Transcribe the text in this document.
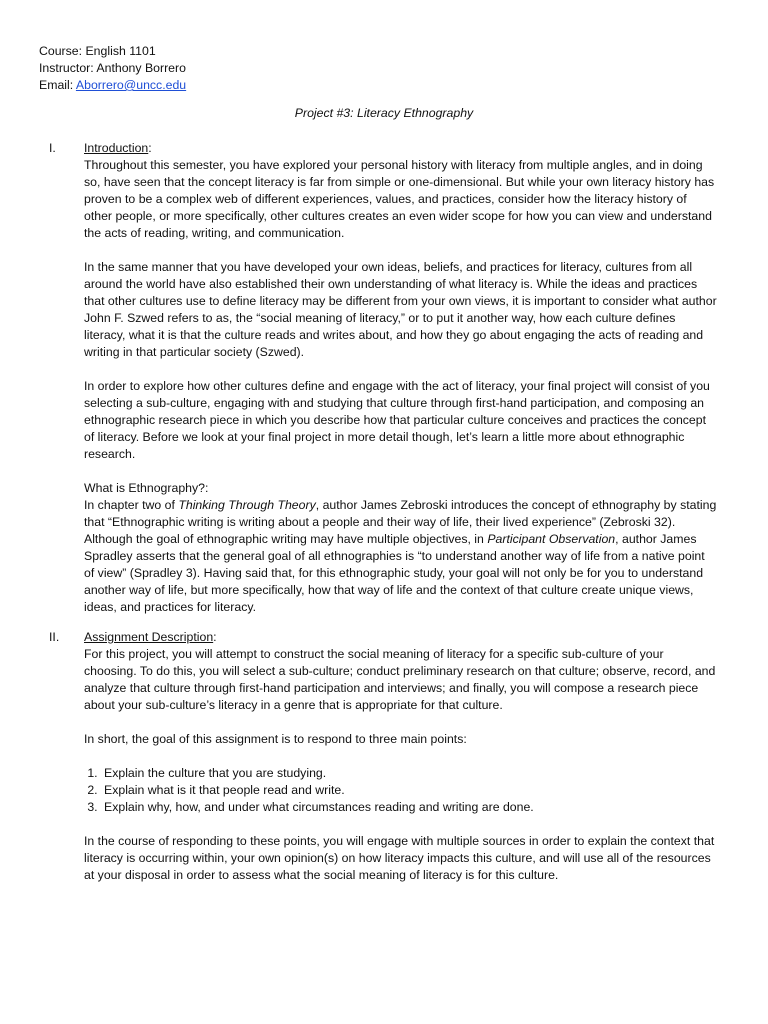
Course: English 1101
Instructor: Anthony Borrero
Email: Aborrero@uncc.edu
Project #3: Literacy Ethnography
I. Introduction:

Throughout this semester, you have explored your personal history with literacy from multiple angles, and in doing so, have seen that the concept literacy is far from simple or one-dimensional. But while your own literacy history has proven to be a complex web of different experiences, values, and practices, consider how the literacy history of other people, or more specifically, other cultures creates an even wider scope for how you can view and understand the acts of reading, writing, and communication.

In the same manner that you have developed your own ideas, beliefs, and practices for literacy, cultures from all around the world have also established their own understanding of what literacy is. While the ideas and practices that other cultures use to define literacy may be different from your own views, it is important to consider what author John F. Szwed refers to as, the “social meaning of literacy,” or to put it another way, how each culture defines literacy, what it is that the culture reads and writes about, and how they go about engaging the acts of reading and writing in that particular society (Szwed).

In order to explore how other cultures define and engage with the act of literacy, your final project will consist of you selecting a sub-culture, engaging with and studying that culture through first-hand participation, and composing an ethnographic research piece in which you describe how that particular culture conceives and practices the concept of literacy. Before we look at your final project in more detail though, let’s learn a little more about ethnographic research.

What is Ethnography?:

In chapter two of Thinking Through Theory, author James Zebroski introduces the concept of ethnography by stating that “Ethnographic writing is writing about a people and their way of life, their lived experience” (Zebroski 32). Although the goal of ethnographic writing may have multiple objectives, in Participant Observation, author James Spradley asserts that the general goal of all ethnographies is “to understand another way of life from a native point of view” (Spradley 3). Having said that, for this ethnographic study, your goal will not only be for you to understand another way of life, but more specifically, how that way of life and the context of that culture create unique views, ideas, and practices for literacy.

II. Assignment Description:

For this project, you will attempt to construct the social meaning of literacy for a specific sub-culture of your choosing. To do this, you will select a sub-culture; conduct preliminary research on that culture; observe, record, and analyze that culture through first-hand participation and interviews; and finally, you will compose a research piece about your sub-culture’s literacy in a genre that is appropriate for that culture.

In short, the goal of this assignment is to respond to three main points:

1. Explain the culture that you are studying.
2. Explain what is it that people read and write.
3. Explain why, how, and under what circumstances reading and writing are done.

In the course of responding to these points, you will engage with multiple sources in order to explain the context that literacy is occurring within, your own opinion(s) on how literacy impacts this culture, and will use all of the resources at your disposal in order to assess what the social meaning of literacy is for this culture.
